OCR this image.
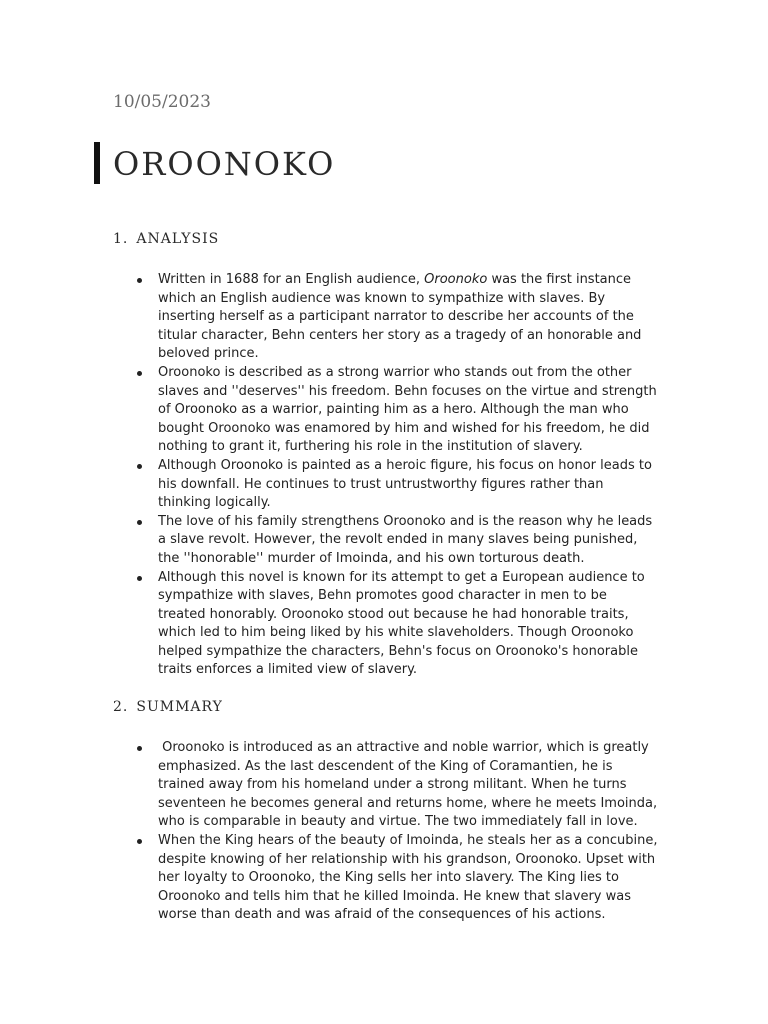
10/05/2023
OROONOKO
1. ANALYSIS
Written in 1688 for an English audience, Oroonoko was the first instance which an English audience was known to sympathize with slaves. By inserting herself as a participant narrator to describe her accounts of the titular character, Behn centers her story as a tragedy of an honorable and beloved prince.
Oroonoko is described as a strong warrior who stands out from the other slaves and ''deserves'' his freedom. Behn focuses on the virtue and strength of Oroonoko as a warrior, painting him as a hero. Although the man who bought Oroonoko was enamored by him and wished for his freedom, he did nothing to grant it, furthering his role in the institution of slavery.
Although Oroonoko is painted as a heroic figure, his focus on honor leads to his downfall. He continues to trust untrustworthy figures rather than thinking logically.
The love of his family strengthens Oroonoko and is the reason why he leads a slave revolt. However, the revolt ended in many slaves being punished, the ''honorable'' murder of Imoinda, and his own torturous death.
Although this novel is known for its attempt to get a European audience to sympathize with slaves, Behn promotes good character in men to be treated honorably. Oroonoko stood out because he had honorable traits, which led to him being liked by his white slaveholders. Though Oroonoko helped sympathize the characters, Behn's focus on Oroonoko's honorable traits enforces a limited view of slavery.
2. SUMMARY
Oroonoko is introduced as an attractive and noble warrior, which is greatly emphasized. As the last descendent of the King of Coramantien, he is trained away from his homeland under a strong militant. When he turns seventeen he becomes general and returns home, where he meets Imoinda, who is comparable in beauty and virtue. The two immediately fall in love.
When the King hears of the beauty of Imoinda, he steals her as a concubine, despite knowing of her relationship with his grandson, Oroonoko. Upset with her loyalty to Oroonoko, the King sells her into slavery. The King lies to Oroonoko and tells him that he killed Imoinda. He knew that slavery was worse than death and was afraid of the consequences of his actions.
